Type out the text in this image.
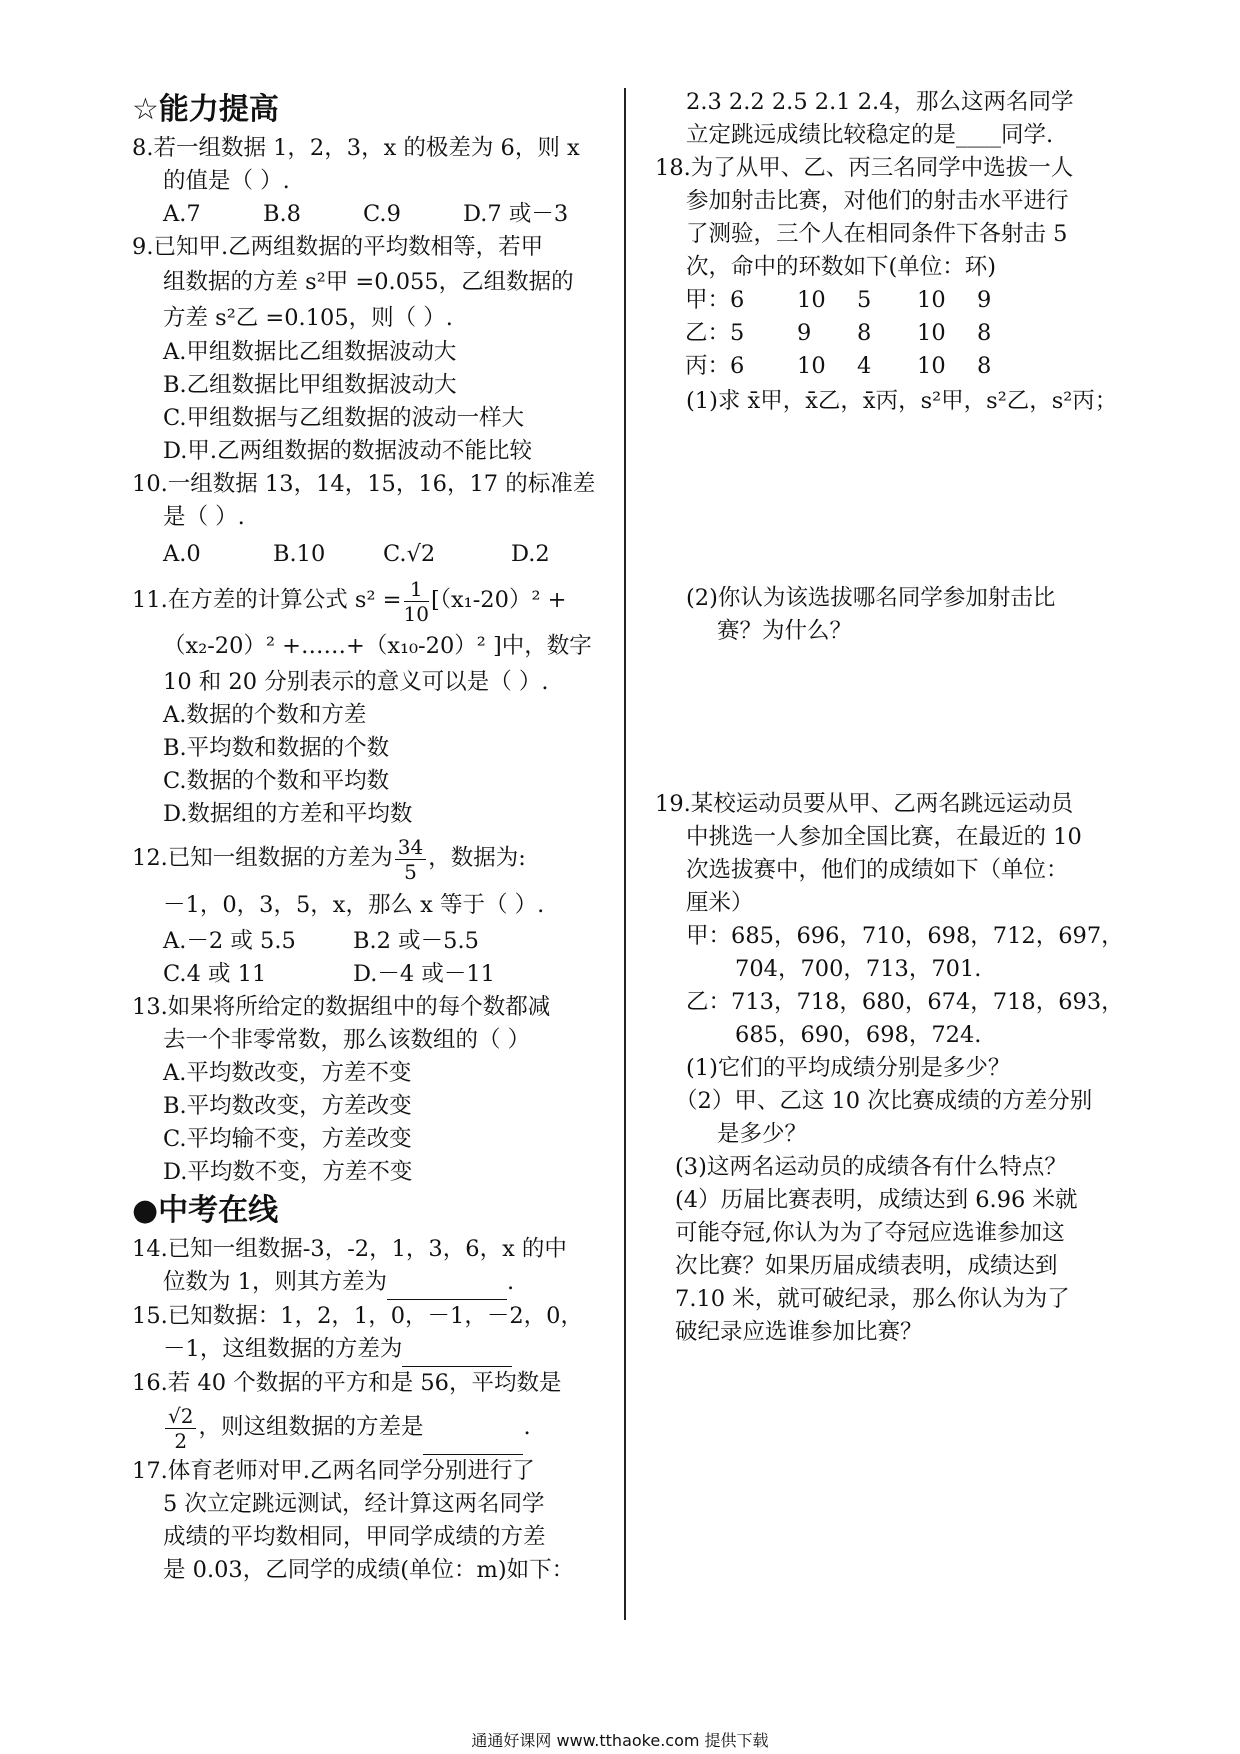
☆能力提高
8.若一组数据 1，2，3，x 的极差为 6，则 x
的值是（ ）.
A.7	B.8	C.9	D.7 或－3
9.已知甲.乙两组数据的平均数相等，若甲
组数据的方差 s²甲 =0.055，乙组数据的
方差 s²乙 =0.105，则（ ）.
A.甲组数据比乙组数据波动大
B.乙组数据比甲组数据波动大
C.甲组数据与乙组数据的波动一样大
D.甲.乙两组数据的数据波动不能比较
10.一组数据 13，14，15，16，17 的标准差
是（ ）.
A.0	B.10	C.√2	D.2
11.在方差的计算公式 $s^2 = \frac{1}{10} [(x_1-20)^2$ +
（x₂-20）² +……+（x₁₀-20）² ]中，数字
10 和 20 分别表示的意义可以是（ ）.
A.数据的个数和方差
B.平均数和数据的个数
C.数据的个数和平均数
D.数据组的方差和平均数
12.已知一组数据的方差为 $\frac{34}{5}$ ，数据为:
－1，0，3，5，x，那么 x 等于（ ）.
A.－2 或 5.5	B.2 或－5.5
C.4 或 11	D.－4 或－11
13.如果将所给定的数据组中的每个数都减
去一个非零常数，那么该数组的（ ）
A.平均数改变，方差不变
B.平均数改变，方差改变
C.平均输不变，方差改变
D.平均数不变，方差不变
●中考在线
14.已知一组数据-3，-2，1，3，6，x 的中
位数为 1，则其方差为	.
15.已知数据：1，2，1，0，－1，－2，0，
－1，这组数据的方差为
16.若 40 个数据的平方和是 56，平均数是
$\frac{√2}{2}$ ，则这组数据的方差是	.
17.体育老师对甲.乙两名同学分别进行了
5 次立定跳远测试，经计算这两名同学
成绩的平均数相同，甲同学成绩的方差
是 0.03，乙同学的成绩(单位：m)如下：
2.3 2.2 2.5 2.1 2.4，那么这两名同学
立定跳远成绩比较稳定的是____同学.
18.为了从甲、乙、丙三名同学中选拔一人
参加射击比赛，对他们的射击水平进行
了测验，三个人在相同条件下各射击 5
次，命中的环数如下(单位：环)
甲：6	10	5	10	9
乙：5	9	8	10	8
丙：6	10	4	10	8
(1)求 x̄甲，x̄乙，x̄丙，s²甲，s²乙，s²丙；
(2)你认为该选拔哪名同学参加射击比
赛？为什么？
19.某校运动员要从甲、乙两名跳远运动员
中挑选一人参加全国比赛，在最近的 10
次选拔赛中，他们的成绩如下（单位：
厘米）
甲：685，696，710，698，712，697，
704，700，713，701.
乙：713，718，680，674，718，693，
685，690，698，724.
(1)它们的平均成绩分别是多少？
（2）甲、乙这 10 次比赛成绩的方差分别
是多少？
(3)这两名运动员的成绩各有什么特点？
(4）历届比赛表明，成绩达到 6.96 米就
可能夺冠,你认为为了夺冠应选谁参加这
次比赛？如果历届成绩表明，成绩达到
7.10 米，就可破纪录，那么你认为为了
破纪录应选谁参加比赛？
通通好课网 www.tthaoke.com 提供下载
